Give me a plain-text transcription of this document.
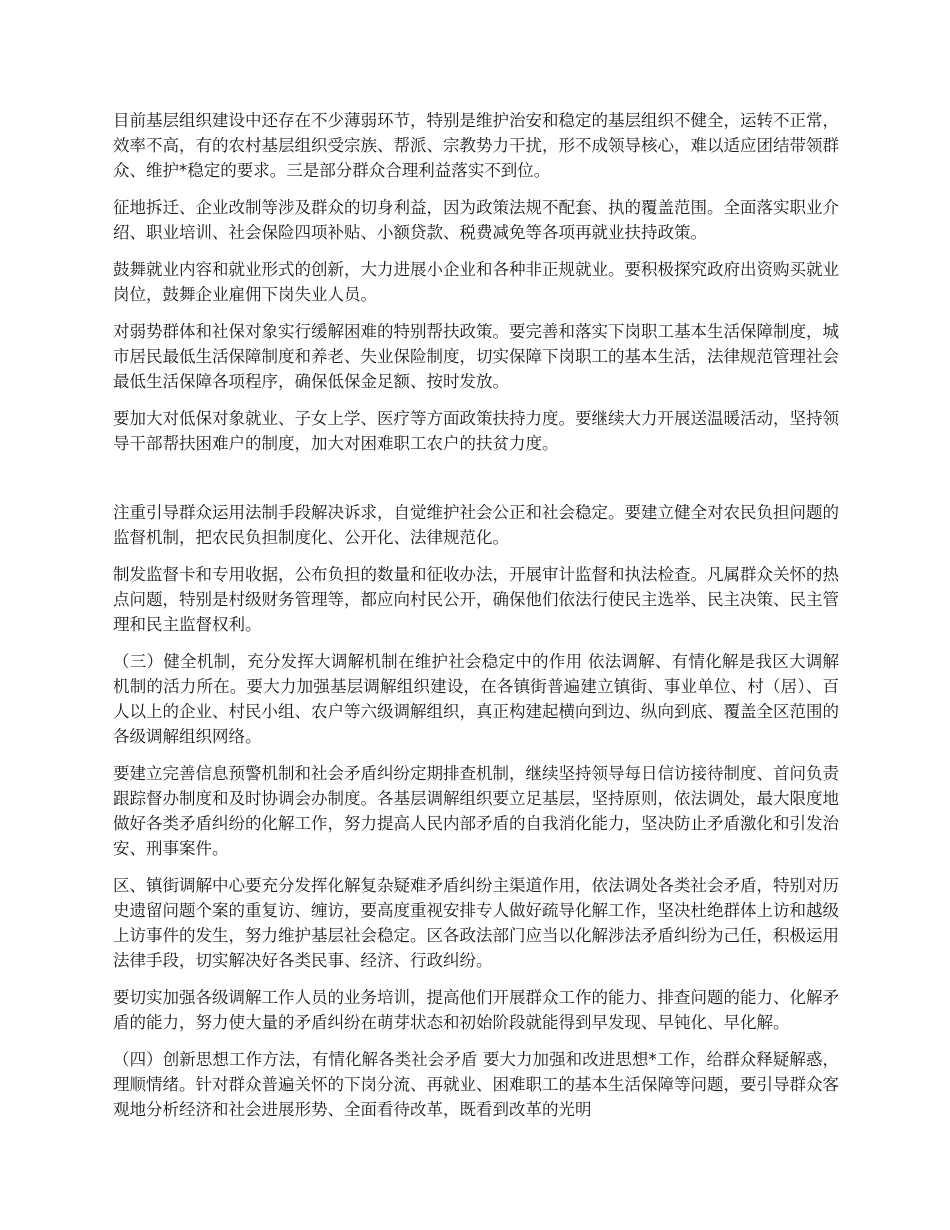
目前基层组织建设中还存在不少薄弱环节，特别是维护治安和稳定的基层组织不健全，运转不正常，效率不高，有的农村基层组织受宗族、帮派、宗教势力干扰，形不成领导核心，难以适应团结带领群众、维护*稳定的要求。三是部分群众合理利益落实不到位。

征地拆迁、企业改制等涉及群众的切身利益，因为政策法规不配套、执的覆盖范围。全面落实职业介绍、职业培训、社会保险四项补贴、小额贷款、税费减免等各项再就业扶持政策。

鼓舞就业内容和就业形式的创新，大力进展小企业和各种非正规就业。要积极探究政府出资购买就业岗位，鼓舞企业雇佣下岗失业人员。

对弱势群体和社保对象实行缓解困难的特别帮扶政策。要完善和落实下岗职工基本生活保障制度，城市居民最低生活保障制度和养老、失业保险制度，切实保障下岗职工的基本生活，法律规范管理社会最低生活保障各项程序，确保低保金足额、按时发放。

要加大对低保对象就业、子女上学、医疗等方面政策扶持力度。要继续大力开展送温暖活动，坚持领导干部帮扶困难户的制度，加大对困难职工农户的扶贫力度。

注重引导群众运用法制手段解决诉求，自觉维护社会公正和社会稳定。要建立健全对农民负担问题的监督机制，把农民负担制度化、公开化、法律规范化。

制发监督卡和专用收据，公布负担的数量和征收办法，开展审计监督和执法检查。凡属群众关怀的热点问题，特别是村级财务管理等，都应向村民公开，确保他们依法行使民主选举、民主决策、民主管理和民主监督权利。

（三）健全机制，充分发挥大调解机制在维护社会稳定中的作用 依法调解、有情化解是我区大调解机制的活力所在。要大力加强基层调解组织建设，在各镇街普遍建立镇街、事业单位、村（居）、百人以上的企业、村民小组、农户等六级调解组织，真正构建起横向到边、纵向到底、覆盖全区范围的各级调解组织网络。

要建立完善信息预警机制和社会矛盾纠纷定期排查机制，继续坚持领导每日信访接待制度、首问负责跟踪督办制度和及时协调会办制度。各基层调解组织要立足基层，坚持原则，依法调处，最大限度地做好各类矛盾纠纷的化解工作，努力提高人民内部矛盾的自我消化能力，坚决防止矛盾激化和引发治安、刑事案件。

区、镇街调解中心要充分发挥化解复杂疑难矛盾纠纷主渠道作用，依法调处各类社会矛盾，特别对历史遗留问题个案的重复访、缠访，要高度重视安排专人做好疏导化解工作，坚决杜绝群体上访和越级上访事件的发生，努力维护基层社会稳定。区各政法部门应当以化解涉法矛盾纠纷为己任，积极运用法律手段，切实解决好各类民事、经济、行政纠纷。

要切实加强各级调解工作人员的业务培训，提高他们开展群众工作的能力、排查问题的能力、化解矛盾的能力，努力使大量的矛盾纠纷在萌芽状态和初始阶段就能得到早发现、早钝化、早化解。

（四）创新思想工作方法，有情化解各类社会矛盾 要大力加强和改进思想*工作，给群众释疑解惑，理顺情绪。针对群众普遍关怀的下岗分流、再就业、困难职工的基本生活保障等问题，要引导群众客观地分析经济和社会进展形势、全面看待改革，既看到改革的光明
